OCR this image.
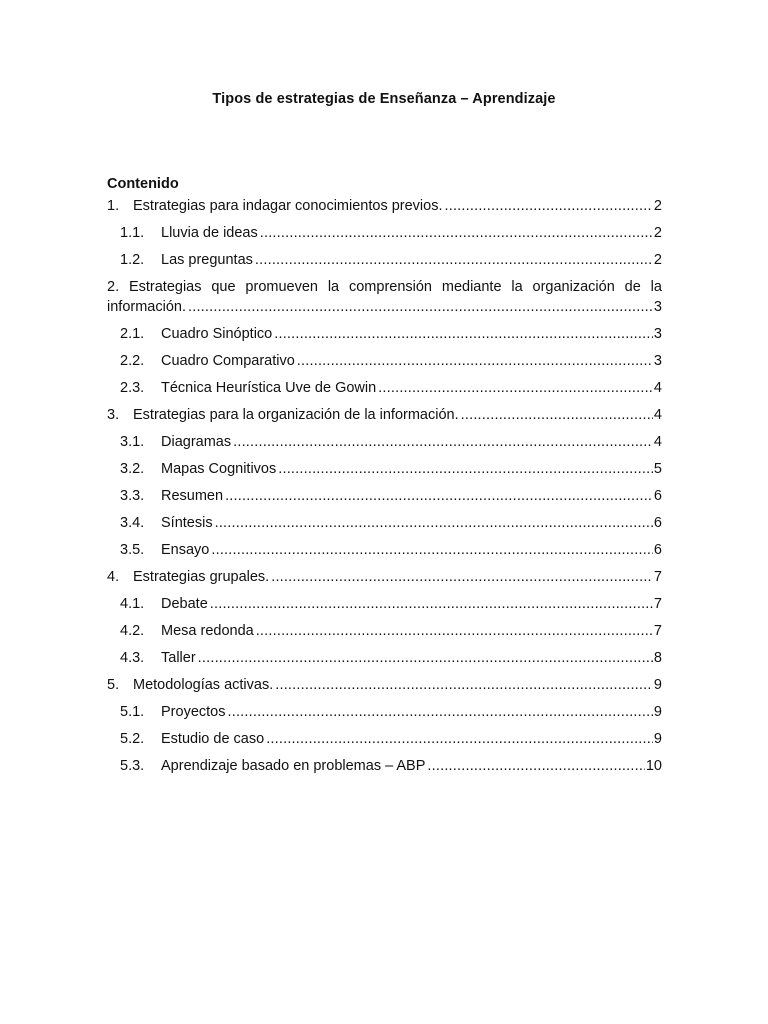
Tipos de estrategias de Enseñanza – Aprendizaje
Contenido
1. Estrategias para indagar conocimientos previos. .....	2
1.1.	Lluvia de ideas .....	2
1.2.	Las preguntas .....	2
2. Estrategias que promueven la comprensión mediante la organización de la
información. .....	3
2.1.	Cuadro Sinóptico .....	3
2.2.	Cuadro Comparativo .....	3
2.3.	Técnica Heurística Uve de Gowin .....	4
3. Estrategias para la organización de la información. .....	4
3.1.	Diagramas .....	4
3.2.	Mapas Cognitivos .....	5
3.3.	Resumen .....	6
3.4.	Síntesis .....	6
3.5.	Ensayo .....	6
4. Estrategias grupales. .....	7
4.1.	Debate .....	7
4.2.	Mesa redonda .....	7
4.3.	Taller .....	8
5. Metodologías activas. .....	9
5.1.	Proyectos .....	9
5.2.	Estudio de caso .....	9
5.3.	Aprendizaje basado en problemas – ABP .....	10
